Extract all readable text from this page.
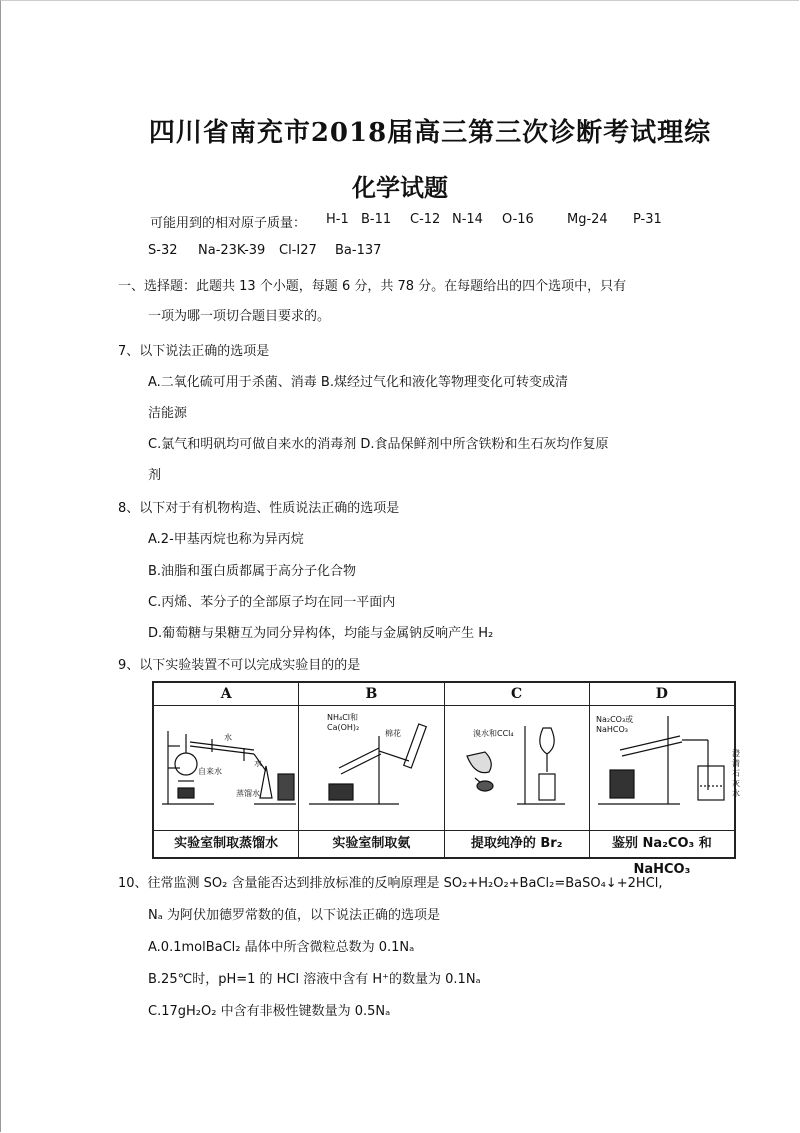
四川省南充市2018届高三第三次诊断考试理综
化学试题
可能用到的相对原子质量： H-1 B-11 C-12 N-14 O-16	Mg-24 P-31
S-32 Na-23K-39 Cl-I27 Ba-137
一、选择题：此题共 13 个小题，每题 6 分，共 78 分。在每题给出的四个选项中，只有
一项为哪一项切合题目要求的。
7、以下说法正确的选项是
A.二氧化硫可用于杀菌、消毒 B.煤经过气化和液化等物理变化可转变成清
洁能源
C.氯气和明矾均可做自来水的消毒剂 D.食品保鲜剂中所含铁粉和生石灰均作复原
剂
8、以下对于有机物构造、性质说法正确的选项是
A.2-甲基丙烷也称为异丙烷
B.油脂和蛋白质都属于高分子化合物
C.丙烯、苯分子的全部原子均在同一平面内
D.葡萄糖与果糖互为同分异构体，均能与金属钠反响产生 H₂
9、以下实验装置不可以完成实验目的的是
A
水
自来水
水
蒸馏水
实验室制取蒸馏水
B
NH₄Cl和
Ca(OH)₂
棉花
实验室制取氨
C
溴水和CCl₄
提取纯净的 Br₂
D
Na₂CO₃或
NaHCO₃
澄
清
石
灰
水
鉴别 Na₂CO₃ 和 NaHCO₃
10、往常监测 SO₂ 含量能否达到排放标准的反响原理是 SO₂+H₂O₂+BaCl₂=BaSO₄↓+2HCl,
Nₐ 为阿伏加德罗常数的值，以下说法正确的选项是
A.0.1molBaCl₂ 晶体中所含微粒总数为 0.1Nₐ
B.25℃时，pH=1 的 HCl 溶液中含有 H⁺的数量为 0.1Nₐ
C.17gH₂O₂ 中含有非极性键数量为 0.5Nₐ
